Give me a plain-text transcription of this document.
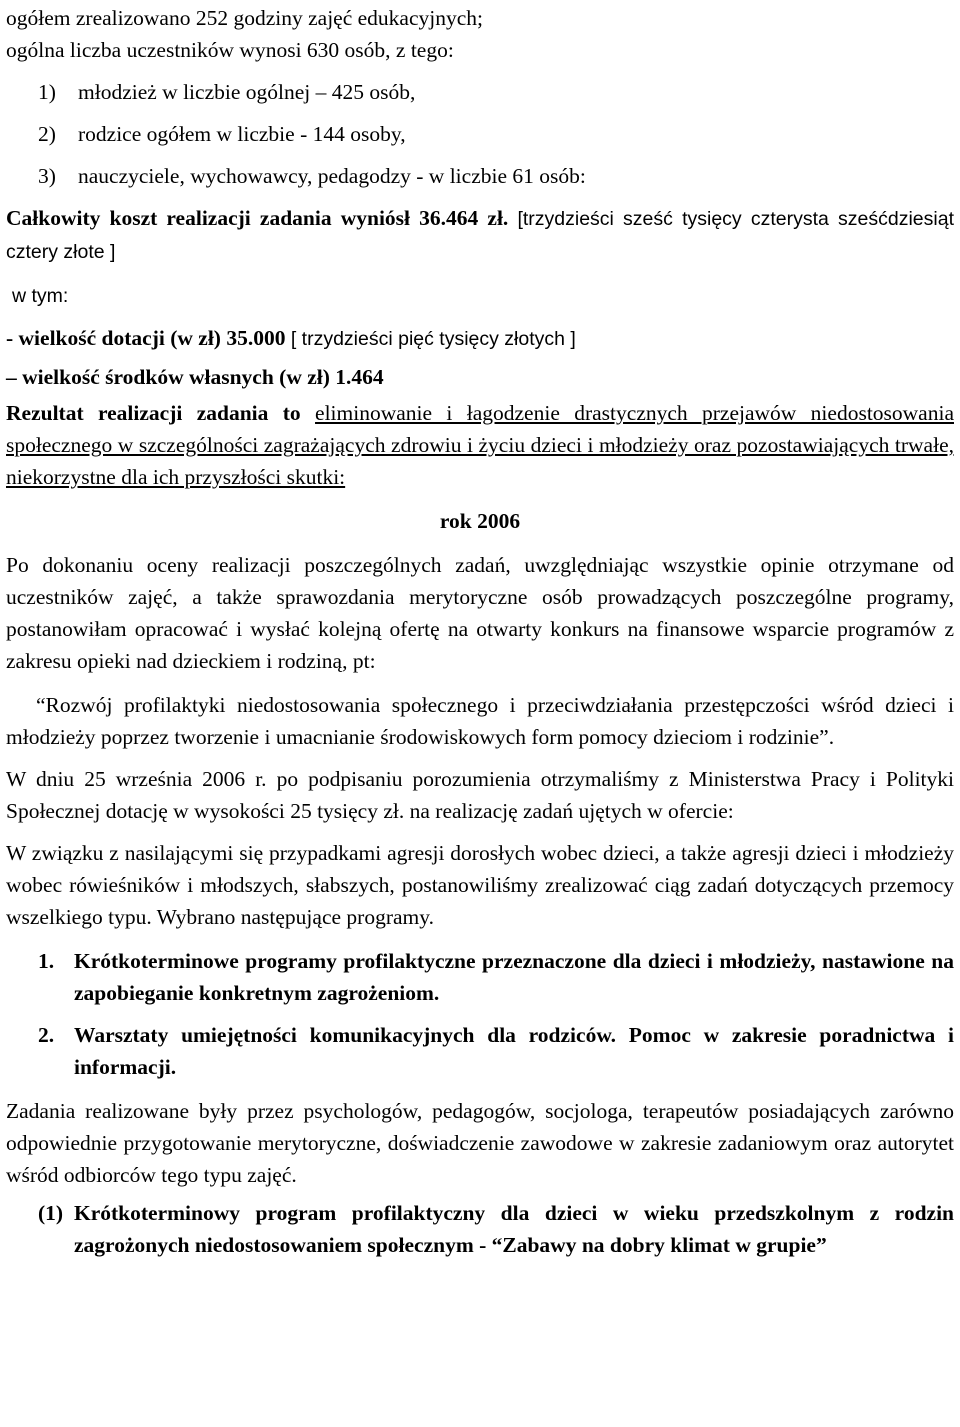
ogółem zrealizowano 252 godziny zajęć edukacyjnych;

ogólna liczba uczestników wynosi 630 osób, z tego:

1)	młodzież w liczbie ogólnej – 425 osób,
2)	rodzice ogółem w liczbie - 144 osoby,
3)	nauczyciele, wychowawcy, pedagodzy - w liczbie 61 osób:

Całkowity koszt realizacji zadania wyniósł 36.464 zł. [trzydzieści sześć tysięcy czterysta sześćdziesiąt cztery złote ]

w tym:

- wielkość dotacji (w zł) 35.000 [ trzydzieści pięć tysięcy złotych ]

– wielkość środków własnych (w zł) 1.464

Rezultat realizacji zadania to eliminowanie i łagodzenie drastycznych przejawów niedostosowania społecznego w szczególności zagrażających zdrowiu i życiu dzieci i młodzieży oraz pozostawiających trwałe, niekorzystne dla ich przyszłości skutki:

rok 2006

Po dokonaniu oceny realizacji poszczególnych zadań, uwzględniając wszystkie opinie otrzymane od uczestników zajęć, a także sprawozdania merytoryczne osób prowadzących poszczególne programy, postanowiłam opracować i wysłać kolejną ofertę na otwarty konkurs na finansowe wsparcie programów z zakresu opieki nad dzieckiem i rodziną, pt:

“Rozwój profilaktyki niedostosowania społecznego i przeciwdziałania przestępczości wśród dzieci i młodzieży poprzez tworzenie i umacnianie środowiskowych form pomocy dzieciom i rodzinie”.

W dniu 25 września 2006 r. po podpisaniu porozumienia otrzymaliśmy z Ministerstwa Pracy i Polityki Społecznej dotację w wysokości 25 tysięcy zł. na realizację zadań ujętych w ofercie:

W związku z nasilającymi się przypadkami agresji dorosłych wobec dzieci, a także agresji dzieci i młodzieży wobec rówieśników i młodszych, słabszych, postanowiliśmy zrealizować ciąg zadań dotyczących przemocy wszelkiego typu. Wybrano następujące programy.

1. Krótkoterminowe programy profilaktyczne przeznaczone dla dzieci i młodzieży, nastawione na zapobieganie konkretnym zagrożeniom.
2. Warsztaty umiejętności komunikacyjnych dla rodziców. Pomoc w zakresie poradnictwa i informacji.

Zadania realizowane były przez psychologów, pedagogów, socjologa, terapeutów posiadających zarówno odpowiednie przygotowanie merytoryczne, doświadczenie zawodowe w zakresie zadaniowym oraz autorytet wśród odbiorców tego typu zajęć.

(1) Krótkoterminowy program profilaktyczny dla dzieci w wieku przedszkolnym z rodzin zagrożonych niedostosowaniem społecznym - “Zabawy na dobry klimat w grupie”
